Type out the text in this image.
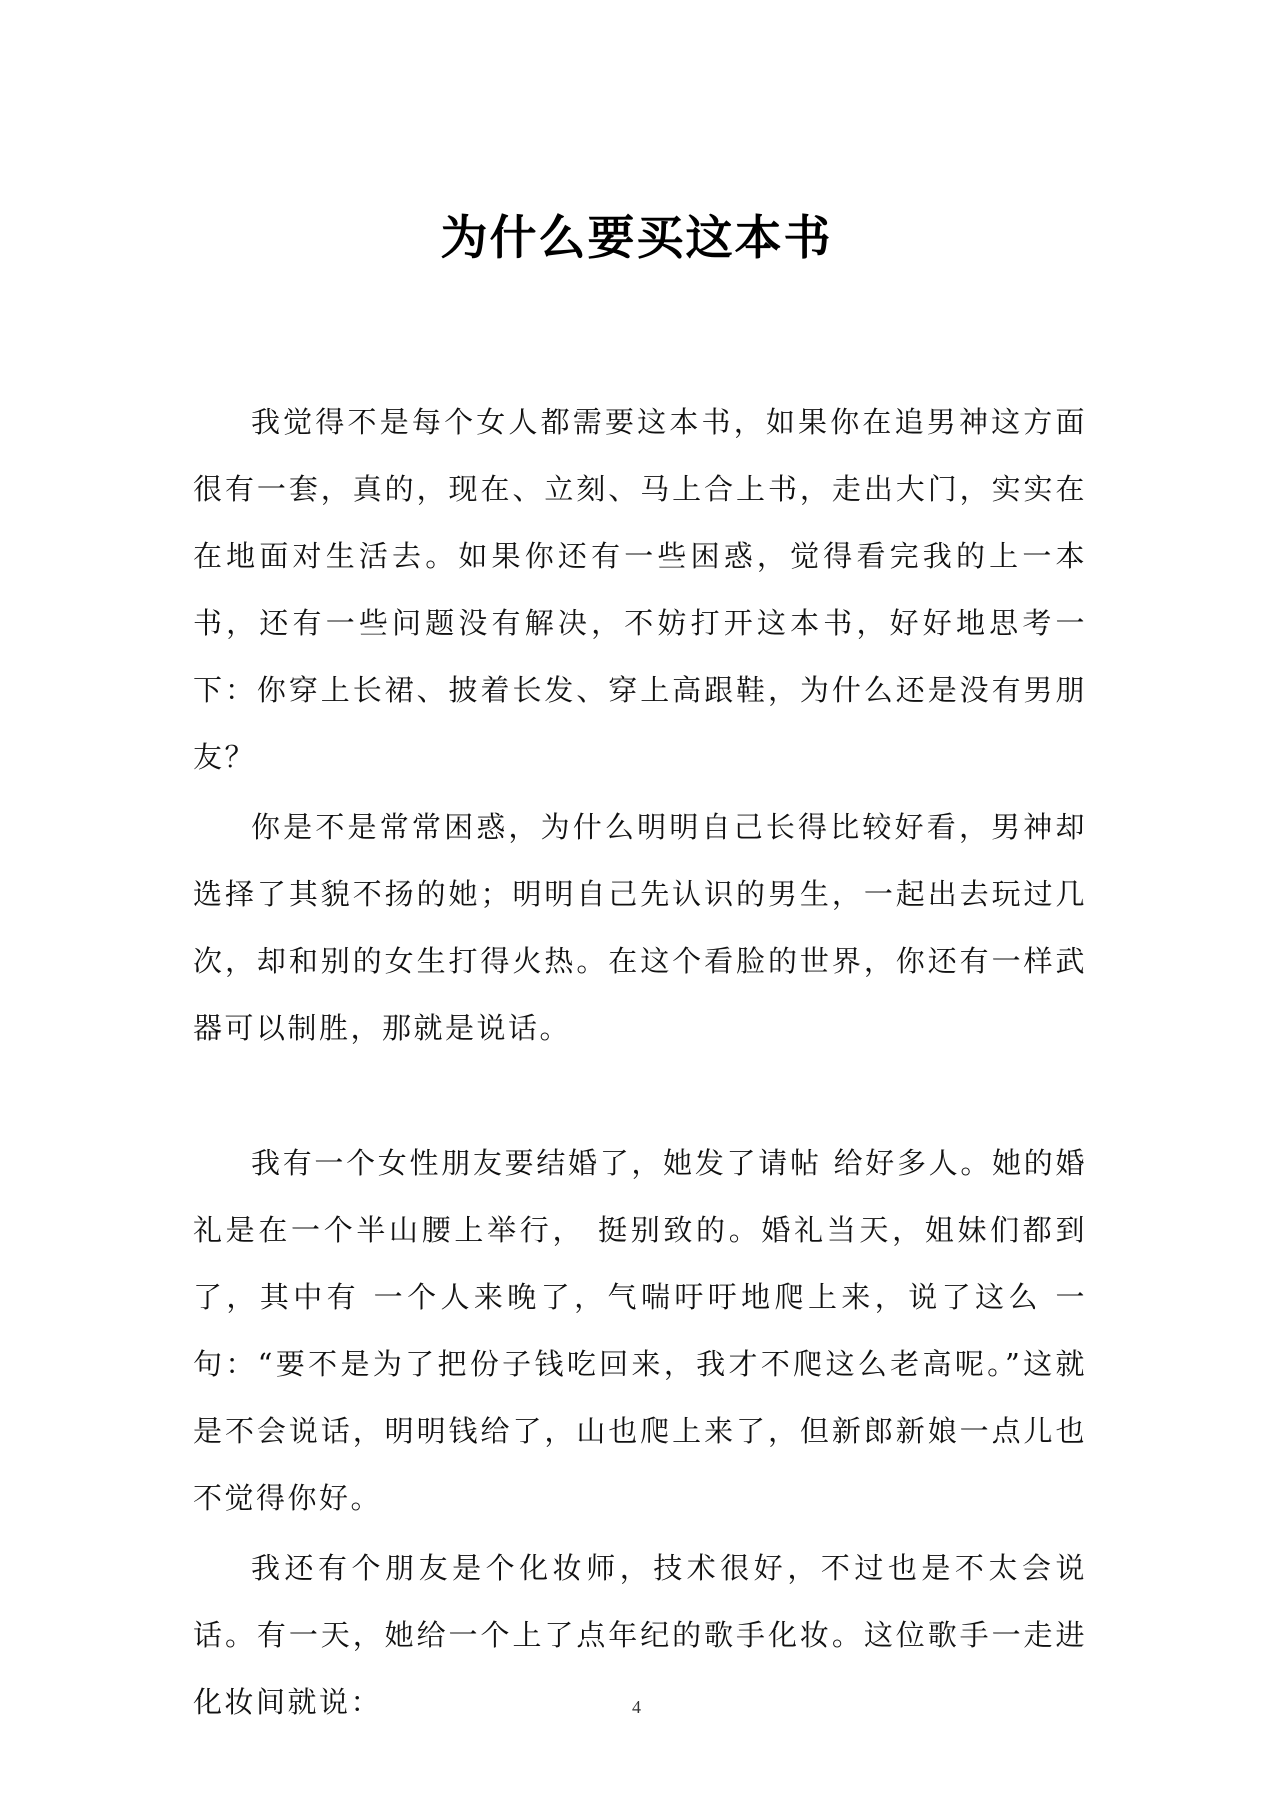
为什么要买这本书

我觉得不是每个女人都需要这本书，如果你在追男神这方面很有一套，真的，现在、立刻、马上合上书，走出大门，实实在在地面对生活去。如果你还有一些困惑，觉得看完我的上一本书，还有一些问题没有解决，不妨打开这本书，好好地思考一下：你穿上长裙、披着长发、穿上高跟鞋，为什么还是没有男朋友？

你是不是常常困惑，为什么明明自己长得比较好看，男神却选择了其貌不扬的她；明明自己先认识的男生，一起出去玩过几次，却和别的女生打得火热。在这个看脸的世界，你还有一样武器可以制胜，那就是说话。

我有一个女性朋友要结婚了，她发了请帖 给好多人。她的婚礼是在一个半山腰上举行， 挺别致的。婚礼当天，姐妹们都到了，其中有 一个人来晚了，气喘吁吁地爬上来，说了这么 一句：“要不是为了把份子钱吃回来，我才不爬这么老高呢。”这就是不会说话，明明钱给了，山也爬上来了，但新郎新娘一点儿也不觉得你好。

我还有个朋友是个化妆师，技术很好，不过也是不太会说话。有一天，她给一个上了点年纪的歌手化妆。这位歌手一走进化妆间就说：	4
